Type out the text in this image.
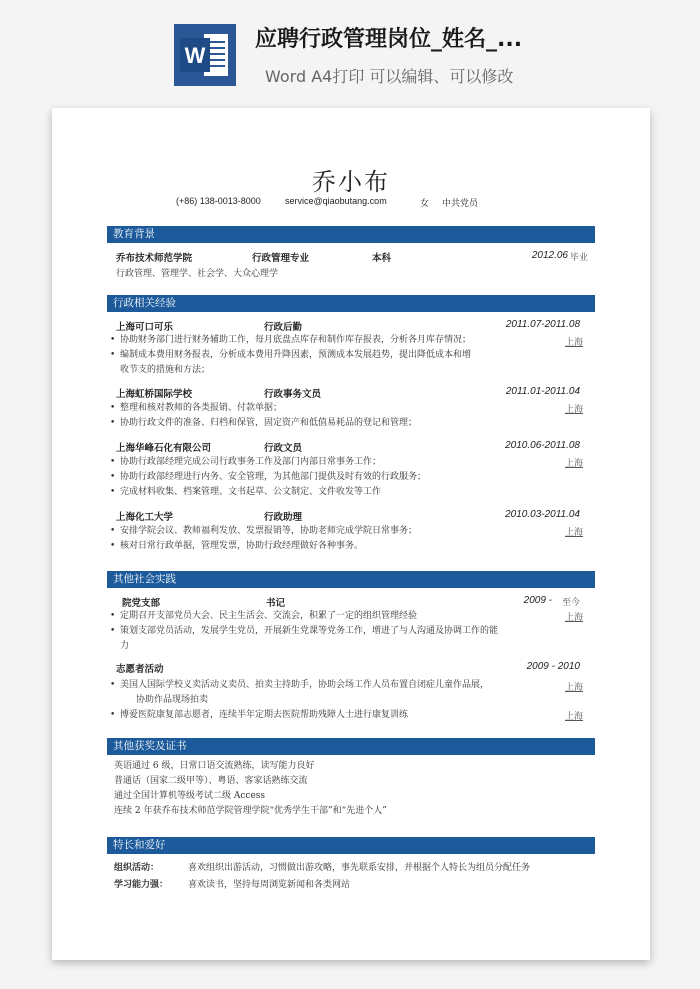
W
应聘行政管理岗位_姓名_...
Word A4打印 可以编辑、可以修改
乔小布
(+86) 138-0013-8000	service@qiaobutang.com	女 中共党员
教育背景
乔布技术师范学院	行政管理专业	本科	2012.06 毕业
行政管理、管理学、社会学、大众心理学
行政相关经验
上海可口可乐	行政后勤	2011.07-2011.08
• 协助财务部门进行财务辅助工作，每月底盘点库存和制作库存报表，分析各月库存情况；
• 编制成本费用财务报表，分析成本费用升降因素，预测成本发展趋势，提出降低成本和增
收节支的措施和方法；
上海
上海虹桥国际学校	行政事务文员	2011.01-2011.04
• 整理和核对教师的各类报销、付款单据；
• 协助行政文件的准备、归档和保管，固定资产和低值易耗品的登记和管理；
上海
上海华峰石化有限公司	行政文员	2010.06-2011.08
• 协助行政部经理完成公司行政事务工作及部门内部日常事务工作；
• 协助行政部经理进行内务、安全管理，为其他部门提供及时有效的行政服务；
• 完成材料收集、档案管理、文书起草、公文制定、文件收发等工作
上海
上海化工大学	行政助理	2010.03-2011.04
• 安排学院会议、教师福利发放、发票报销等，协助老师完成学院日常事务；
• 核对日常行政单据，管理发票，协助行政经理做好各种事务。
上海
其他社会实践
院党支部	书记	2009 - 至今
• 定期召开支部党员大会、民主生活会、交流会，积累了一定的组织管理经验
• 策划支部党员活动，发展学生党员，开展新生党课等党务工作，增进了与人沟通及协调工作的能
力
上海
志愿者活动	2009 - 2010
• 美国人国际学校义卖活动义卖员、拍卖主持助手，协助会场工作人员布置自闭症儿童作品展，
协助作品现场拍卖
• 博爱医院康复部志愿者，连续半年定期去医院帮助残障人士进行康复训练
上海
上海
其他获奖及证书
英语通过 6 级，日常口语交流熟练，读写能力良好
普通话（国家二级甲等）、粤语、客家话熟练交流
通过全国计算机等级考试二级 Access
连续 2 年获乔布技术师范学院管理学院“优秀学生干部”和“先进个人”
特长和爱好
组织活动：	喜欢组织出游活动，习惯做出游攻略，事先联系安排，并根据个人特长为组员分配任务
学习能力强： 喜欢读书，坚持每周浏览新闻和各类网站
